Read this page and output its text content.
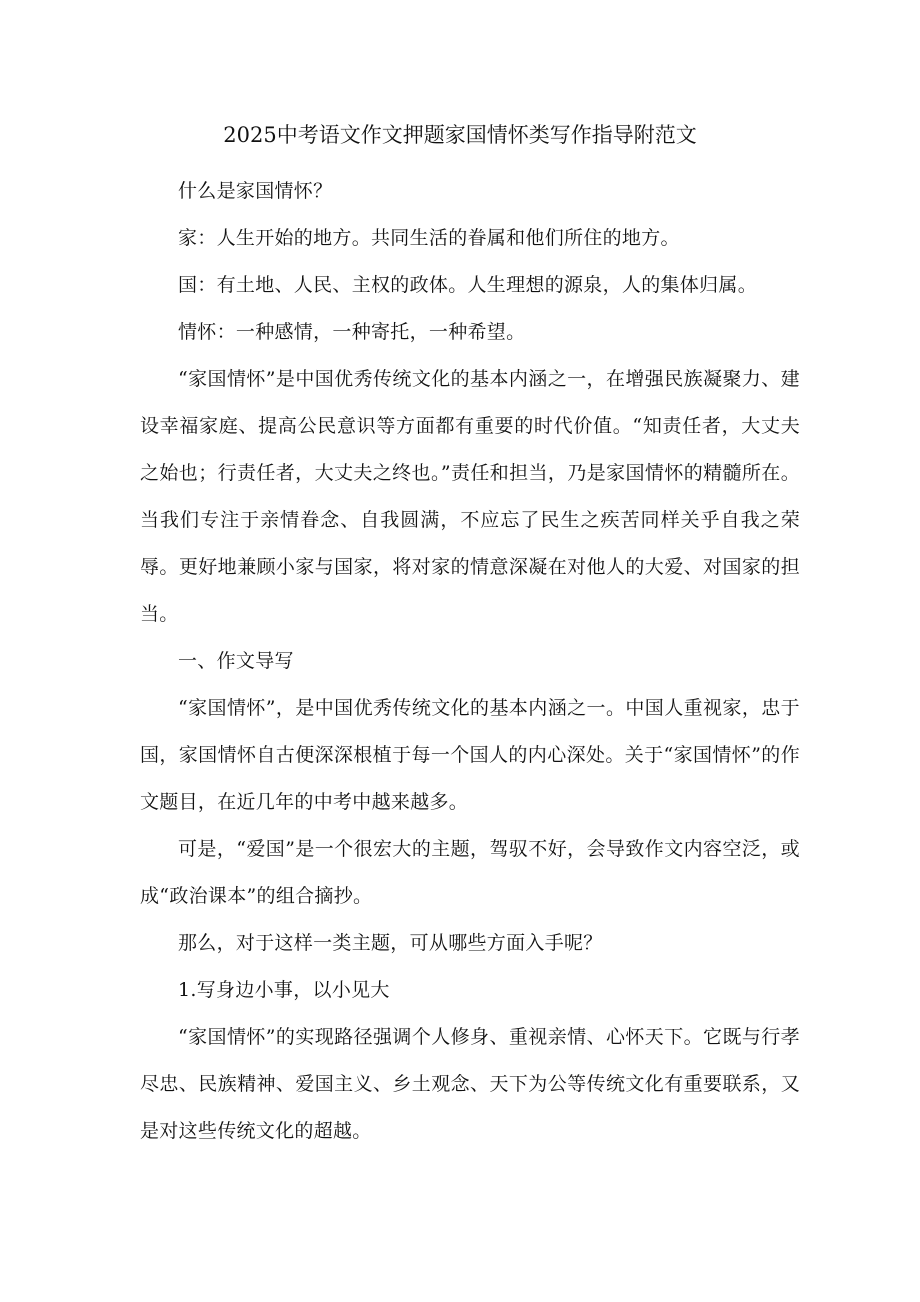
2025中考语文作文押题家国情怀类写作指导附范文

什么是家国情怀？

家：人生开始的地方。共同生活的眷属和他们所住的地方。

国：有土地、人民、主权的政体。人生理想的源泉，人的集体归属。

情怀：一种感情，一种寄托，一种希望。

“家国情怀”是中国优秀传统文化的基本内涵之一，在增强民族凝聚力、建设幸福家庭、提高公民意识等方面都有重要的时代价值。“知责任者，大丈夫之始也；行责任者，大丈夫之终也。”责任和担当，乃是家国情怀的精髓所在。当我们专注于亲情眷念、自我圆满，不应忘了民生之疾苦同样关乎自我之荣辱。更好地兼顾小家与国家，将对家的情意深凝在对他人的大爱、对国家的担当。

一、作文导写

“家国情怀”，是中国优秀传统文化的基本内涵之一。中国人重视家，忠于国，家国情怀自古便深深根植于每一个国人的内心深处。关于“家国情怀”的作文题目，在近几年的中考中越来越多。

可是，“爱国”是一个很宏大的主题，驾驭不好，会导致作文内容空泛，或成“政治课本”的组合摘抄。

那么，对于这样一类主题，可从哪些方面入手呢？

1.写身边小事，以小见大

“家国情怀”的实现路径强调个人修身、重视亲情、心怀天下。它既与行孝尽忠、民族精神、爱国主义、乡土观念、天下为公等传统文化有重要联系，又是对这些传统文化的超越。
